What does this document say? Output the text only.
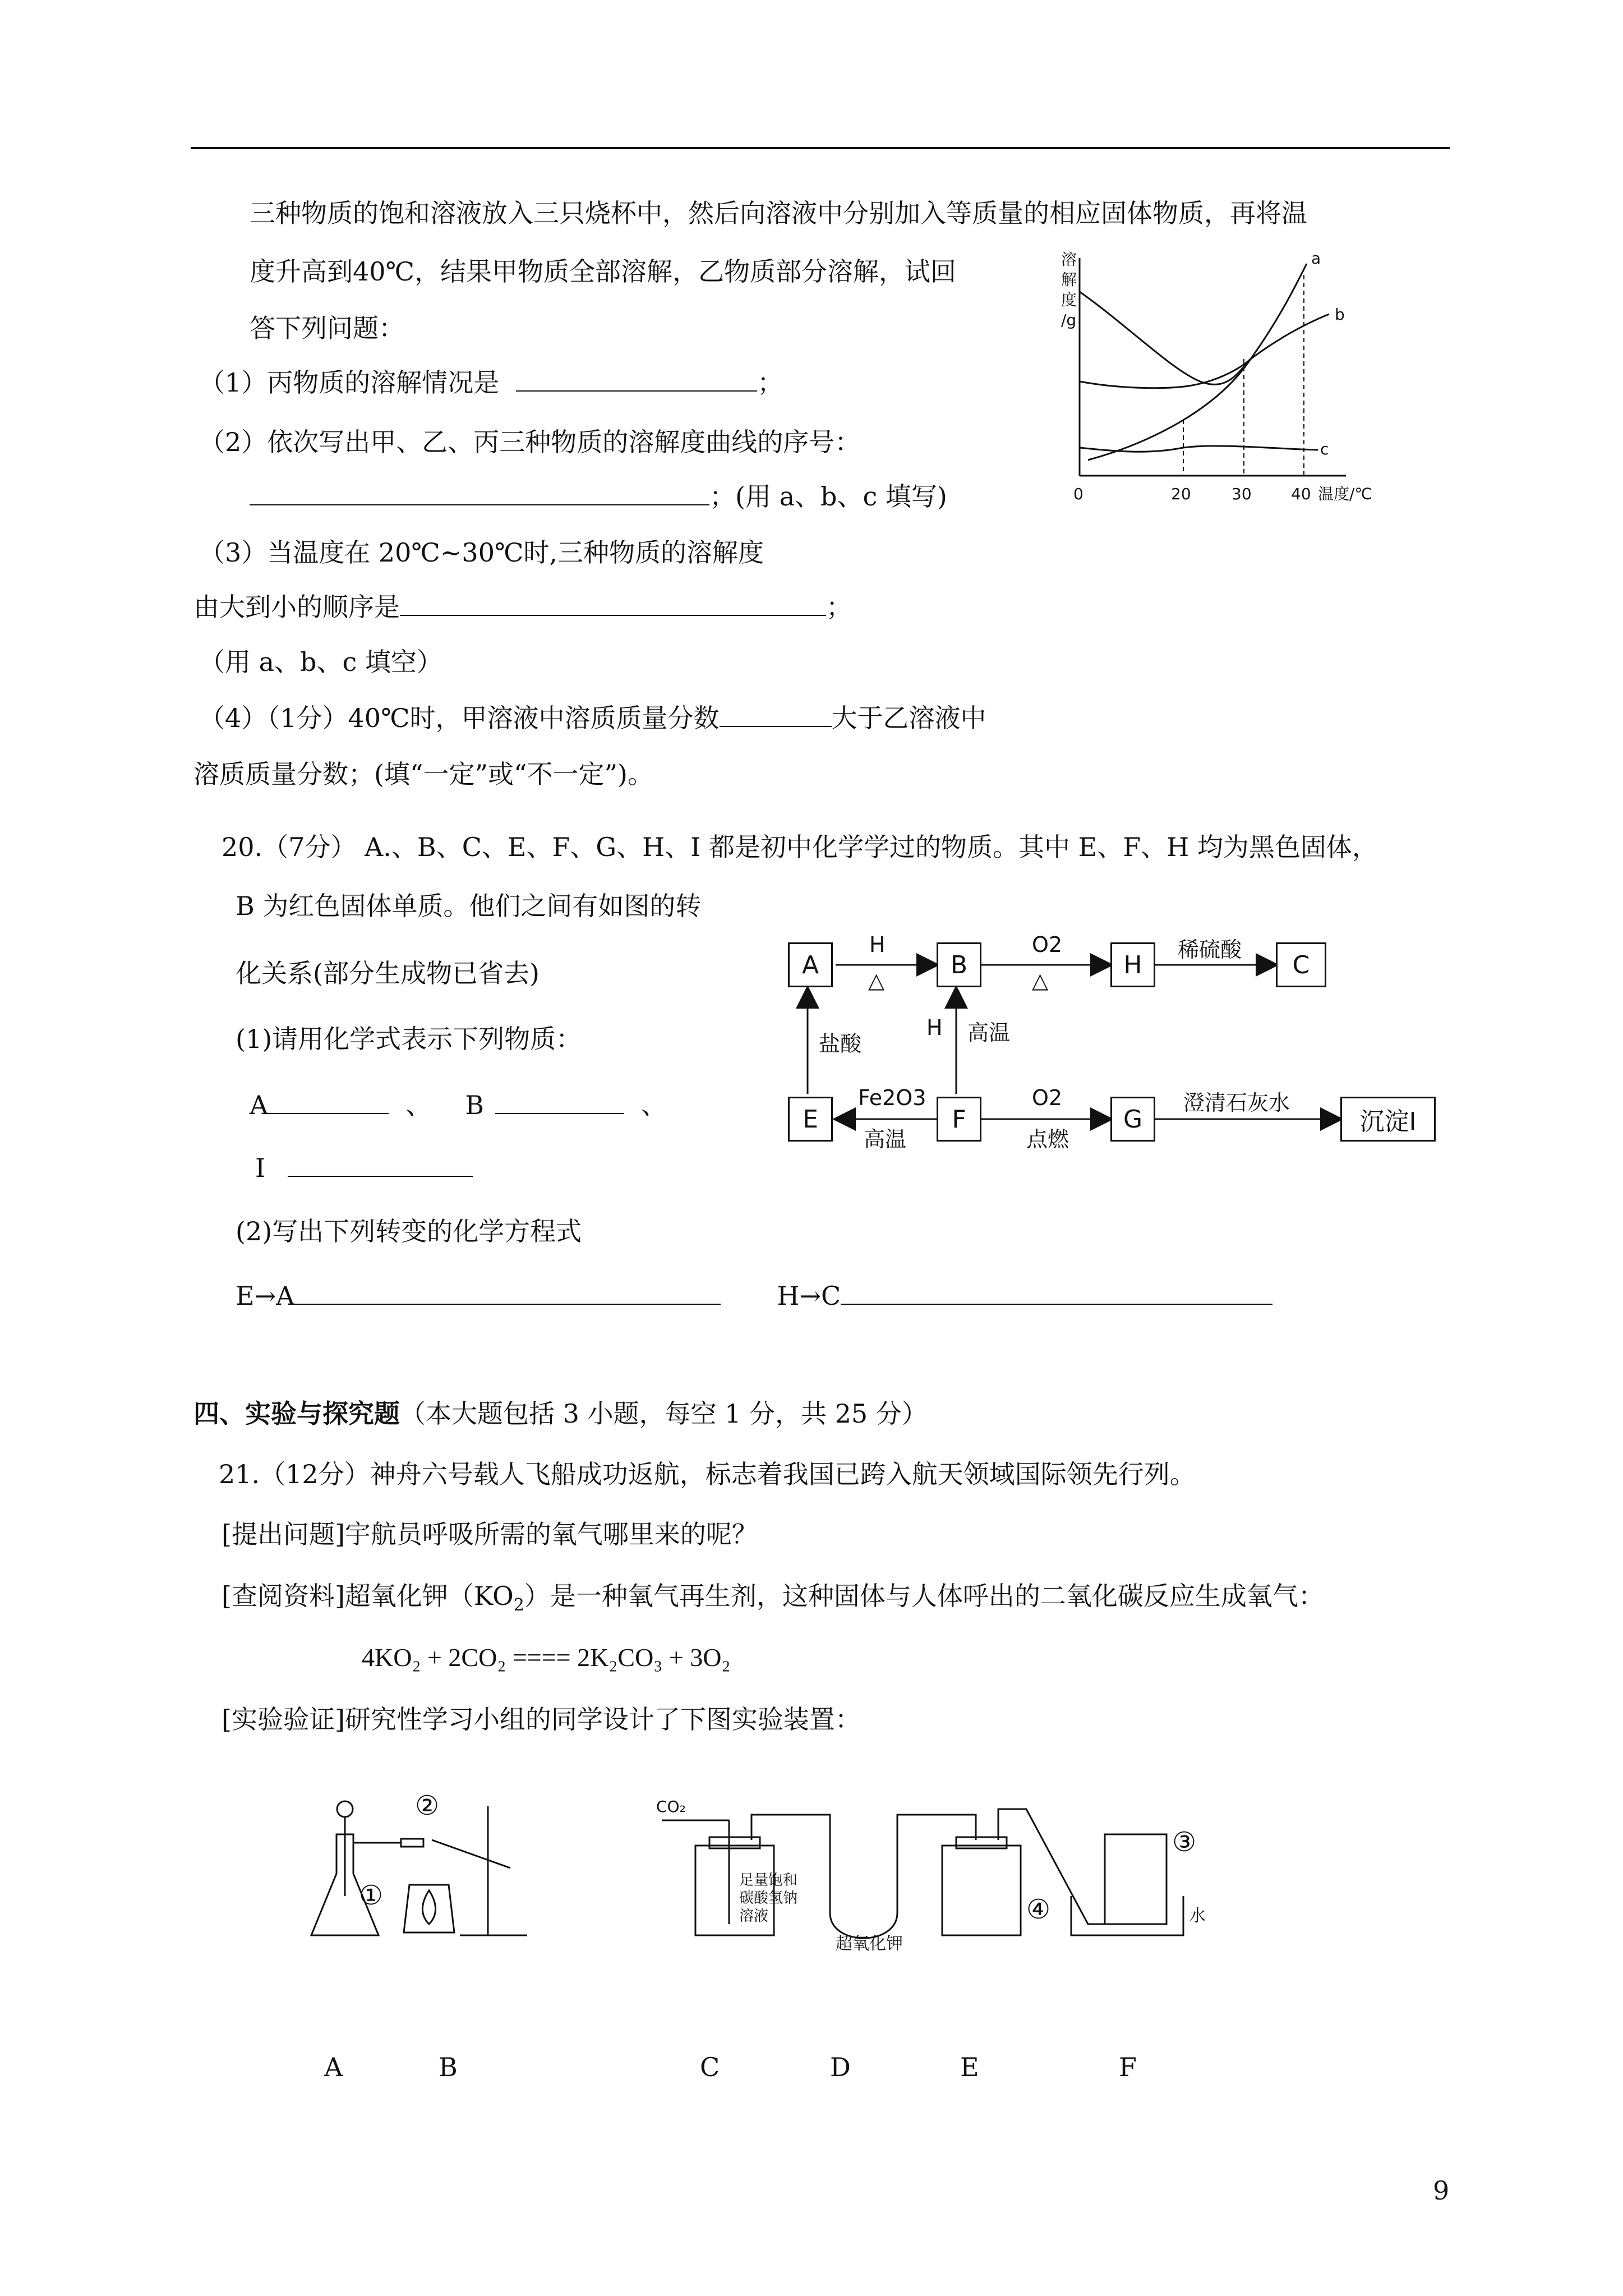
三种物质的饱和溶液放入三只烧杯中，然后向溶液中分别加入等质量的相应固体物质，再将温
度升高到40℃，结果甲物质全部溶解，乙物质部分溶解，试回
答下列问题：
（1）丙物质的溶解情况是	；
（2）依次写出甲、乙、丙三种物质的溶解度曲线的序号：
；(用 a、b、c 填写)
（3）当温度在 20℃~30℃时,三种物质的溶解度
由大到小的顺序是	；
（用 a、b、c 填空）
（4）（1分）40℃时，甲溶液中溶质质量分数	大于乙溶液中
溶质质量分数；(填“一定”或“不一定”)。
溶
解
度
/g
0	20	30	40 温度/℃
a
b
c
20.（7分） A.、B、C、E、F、G、H、I 都是初中化学学过的物质。其中 E、F、H 均为黑色固体，
B 为红色固体单质。他们之间有如图的转
化关系(部分生成物已省去)
(1)请用化学式表示下列物质：
A	、 B	、
I
(2)写出下列转变的化学方程式
E→A	H→C
A	B	H	C
E	F	G	沉淀I
H
△
O2
△
稀硫酸
盐酸
H 高温
Fe2O3
高温
O2
点燃
澄清石灰水
四、实验与探究题（本大题包括 3 小题，每空 1 分，共 25 分）
21.（12分）神舟六号载人飞船成功返航，标志着我国已跨入航天领域国际领先行列。
[提出问题]宇航员呼吸所需的氧气哪里来的呢？
[查阅资料]超氧化钾$(KO_2)$是一种氧气再生剂，这种固体与人体呼出的二氧化碳反应生成氧气：
4KO₂ + 2CO₂ ==== 2K₂CO₃ + 3O₂
[实验验证]研究性学习小组的同学设计了下图实验装置：
①
②	CO₂
足量饱和
碳酸氢钠
溶液
超氧化钾
水
③
④
A	B	C	D	E	F
9
